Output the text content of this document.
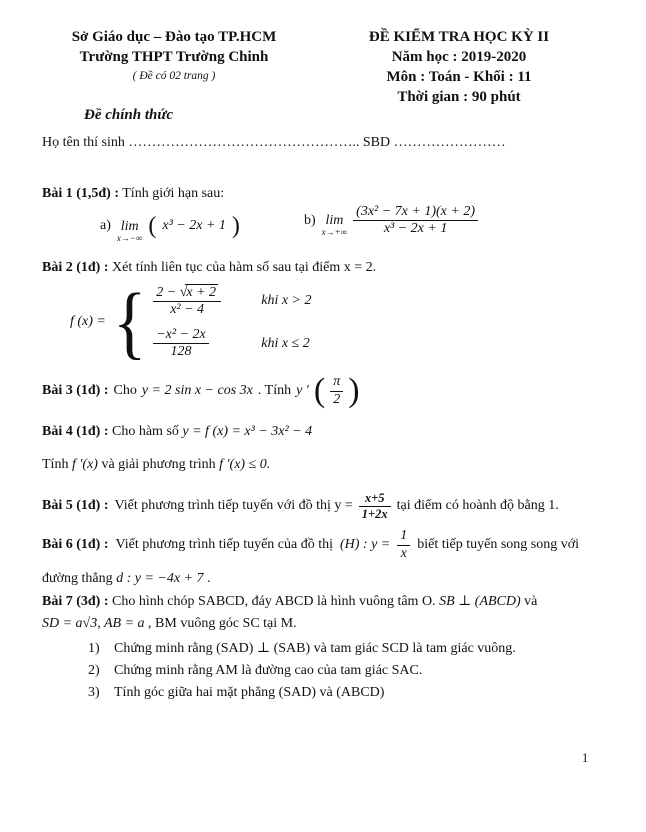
Sở Giáo dục – Đào tạo TP.HCM
Trường THPT Trường Chinh
( Đề có 02 trang )
ĐỀ KIỂM TRA HỌC KỲ II
Năm học : 2019-2020
Môn : Toán - Khối : 11
Thời gian : 90 phút
Đề chính thức
Họ tên thí sinh ………………………………………….. SBD ……………………
Bài 1 (1,5đ) : Tính giới hạn sau:
a) lim
x→−∞ ( x³ − 2x + 1 )	b) lim
$x\to+\infty \frac{\text{(3x² − 7x + 1)(x + 2)}}{\text{x³ − 2x + 1}}$
Bài 2 (1đ) : Xét tính liên tục của hàm số sau tại điểm x = 2.
f (x) = { $\frac{2 - √x + 2}{\text{x² − 4}}$	khi x > 2
$\frac{\text{−x² − 2x}}{128}$	khi x ≤ 2
Bài 3 (1đ) : Cho y = 2 sin x − cos 3x . Tính y ′ ( $\frac{\pi}{2}$ )
Bài 4 (1đ) : Cho hàm số y = f (x) = x³ − 3x² − 4
Tính f ′(x) và giải phương trình f ′(x) ≤ 0.
Bài 5 (1đ) : Viết phương trình tiếp tuyến với đồ thị $y = \frac{x+5}{1+2x}$ tại điểm có hoành độ bằng 1.
Bài 6 (1đ) : Viết phương trình tiếp tuyến của đồ thị (H) : $y = \frac{1}{x}$ biết tiếp tuyến song song với
đường thẳng d : y = −4x + 7 .
Bài 7 (3đ) : Cho hình chóp SABCD, đáy ABCD là hình vuông tâm O. SB ⊥ (ABCD) và
SD = a√3, AB = a , BM vuông góc SC tại M.
1) Chứng minh rằng (SAD) ⊥ (SAB) và tam giác SCD là tam giác vuông.
2) Chứng minh rằng AM là đường cao của tam giác SAC.
3) Tính góc giữa hai mặt phẳng (SAD) và (ABCD)
1
